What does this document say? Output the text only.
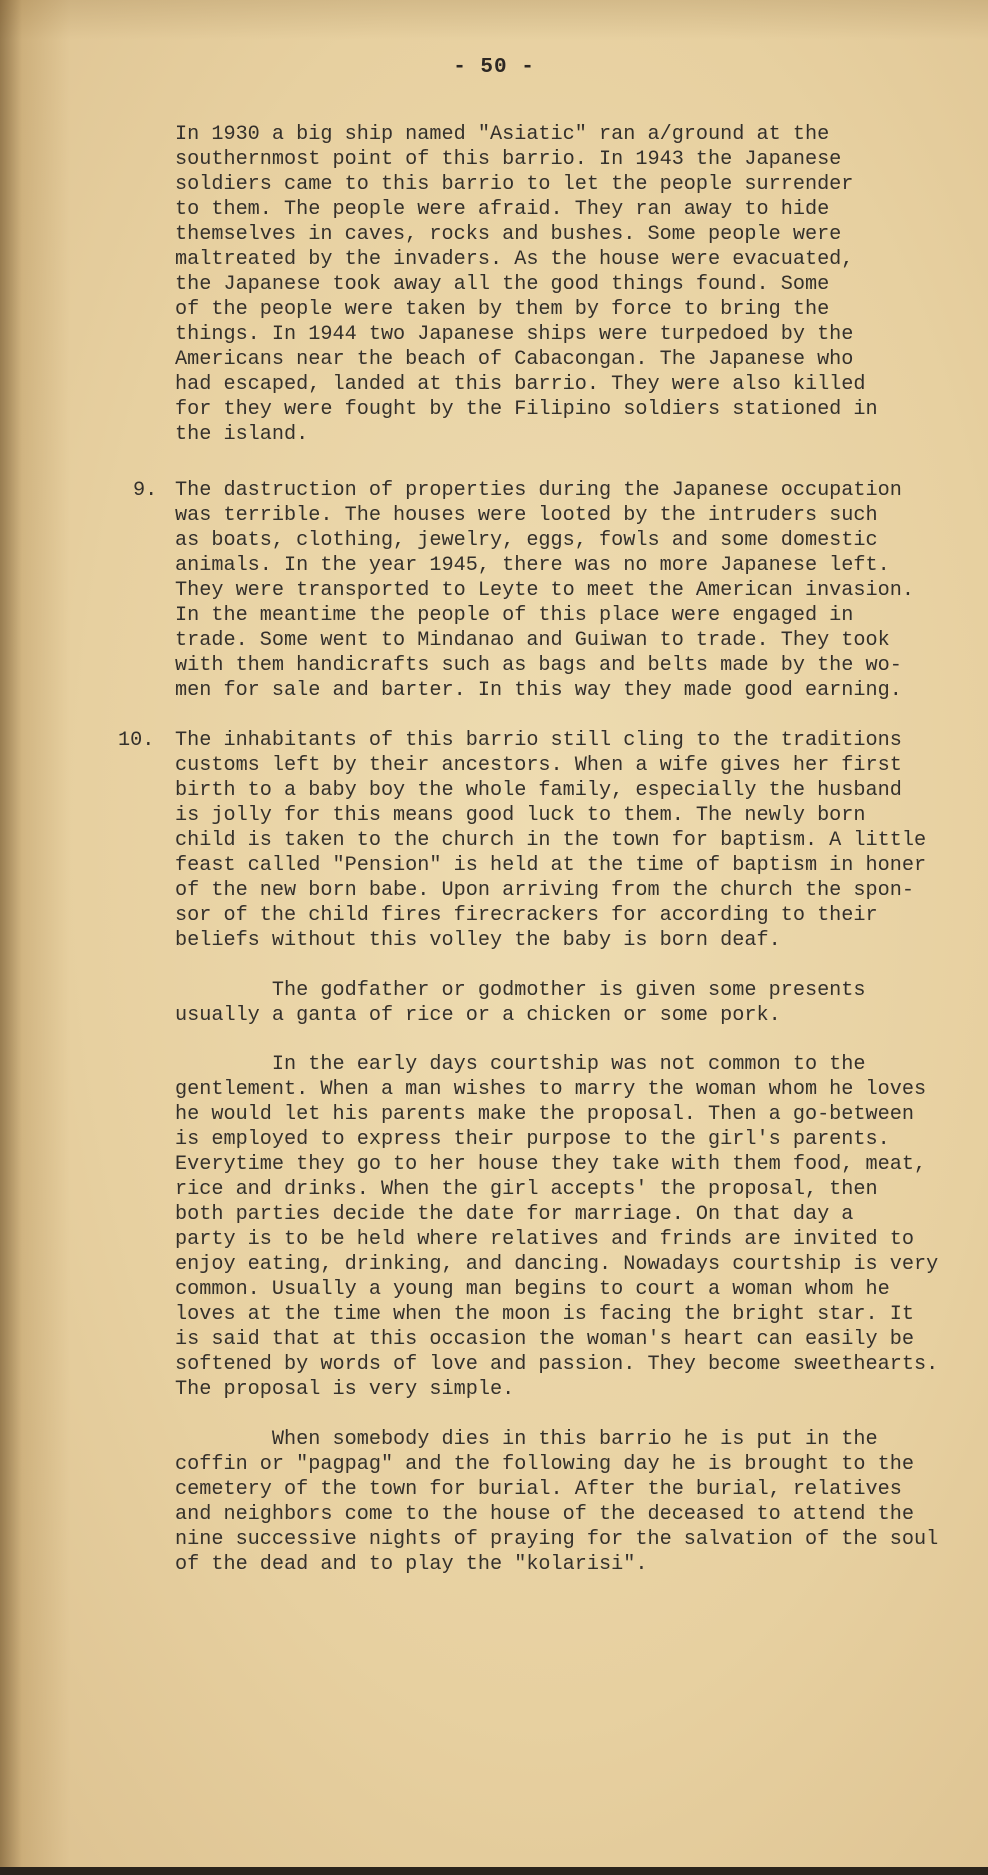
- 50 -

In 1930 a big ship named "Asiatic" ran a/ground at the
southernmost point of this barrio. In 1943 the Japanese
soldiers came to this barrio to let the people surrender
to them. The people were afraid. They ran away to hide
themselves in caves, rocks and bushes. Some people were
maltreated by the invaders. As the house were evacuated,
the Japanese took away all the good things found. Some
of the people were taken by them by force to bring the
things. In 1944 two Japanese ships were turpedoed by the
Americans near the beach of Cabacongan. The Japanese who
had escaped, landed at this barrio. They were also killed
for they were fought by the Filipino soldiers stationed in
the island.

9. The dastruction of properties during the Japanese occupation
was terrible. The houses were looted by the intruders such
as boats, clothing, jewelry, eggs, fowls and some domestic
animals. In the year 1945, there was no more Japanese left.
They were transported to Leyte to meet the American invasion.
In the meantime the people of this place were engaged in
trade. Some went to Mindanao and Guiwan to trade. They took
with them handicrafts such as bags and belts made by the wo-
men for sale and barter. In this way they made good earning.

10. The inhabitants of this barrio still cling to the traditions
customs left by their ancestors. When a wife gives her first
birth to a baby boy the whole family, especially the husband
is jolly for this means good luck to them. The newly born
child is taken to the church in the town for baptism. A little
feast called "Pension" is held at the time of baptism in honer
of the new born babe. Upon arriving from the church the spon-
sor of the child fires firecrackers for according to their
beliefs without this volley the baby is born deaf.

The godfather or godmother is given some presents
usually a ganta of rice or a chicken or some pork.

In the early days courtship was not common to the
gentlement. When a man wishes to marry the woman whom he loves
he would let his parents make the proposal. Then a go-between
is employed to express their purpose to the girl's parents.
Everytime they go to her house they take with them food, meat,
rice and drinks. When the girl accepts' the proposal, then
both parties decide the date for marriage. On that day a
party is to be held where relatives and frinds are invited to
enjoy eating, drinking, and dancing. Nowadays courtship is very
common. Usually a young man begins to court a woman whom he
loves at the time when the moon is facing the bright star. It
is said that at this occasion the woman's heart can easily be
softened by words of love and passion. They become sweethearts.
The proposal is very simple.

When somebody dies in this barrio he is put in the
coffin or "pagpag" and the following day he is brought to the
cemetery of the town for burial. After the burial, relatives
and neighbors come to the house of the deceased to attend the
nine successive nights of praying for the salvation of the soul
of the dead and to play the "kolarisi".
